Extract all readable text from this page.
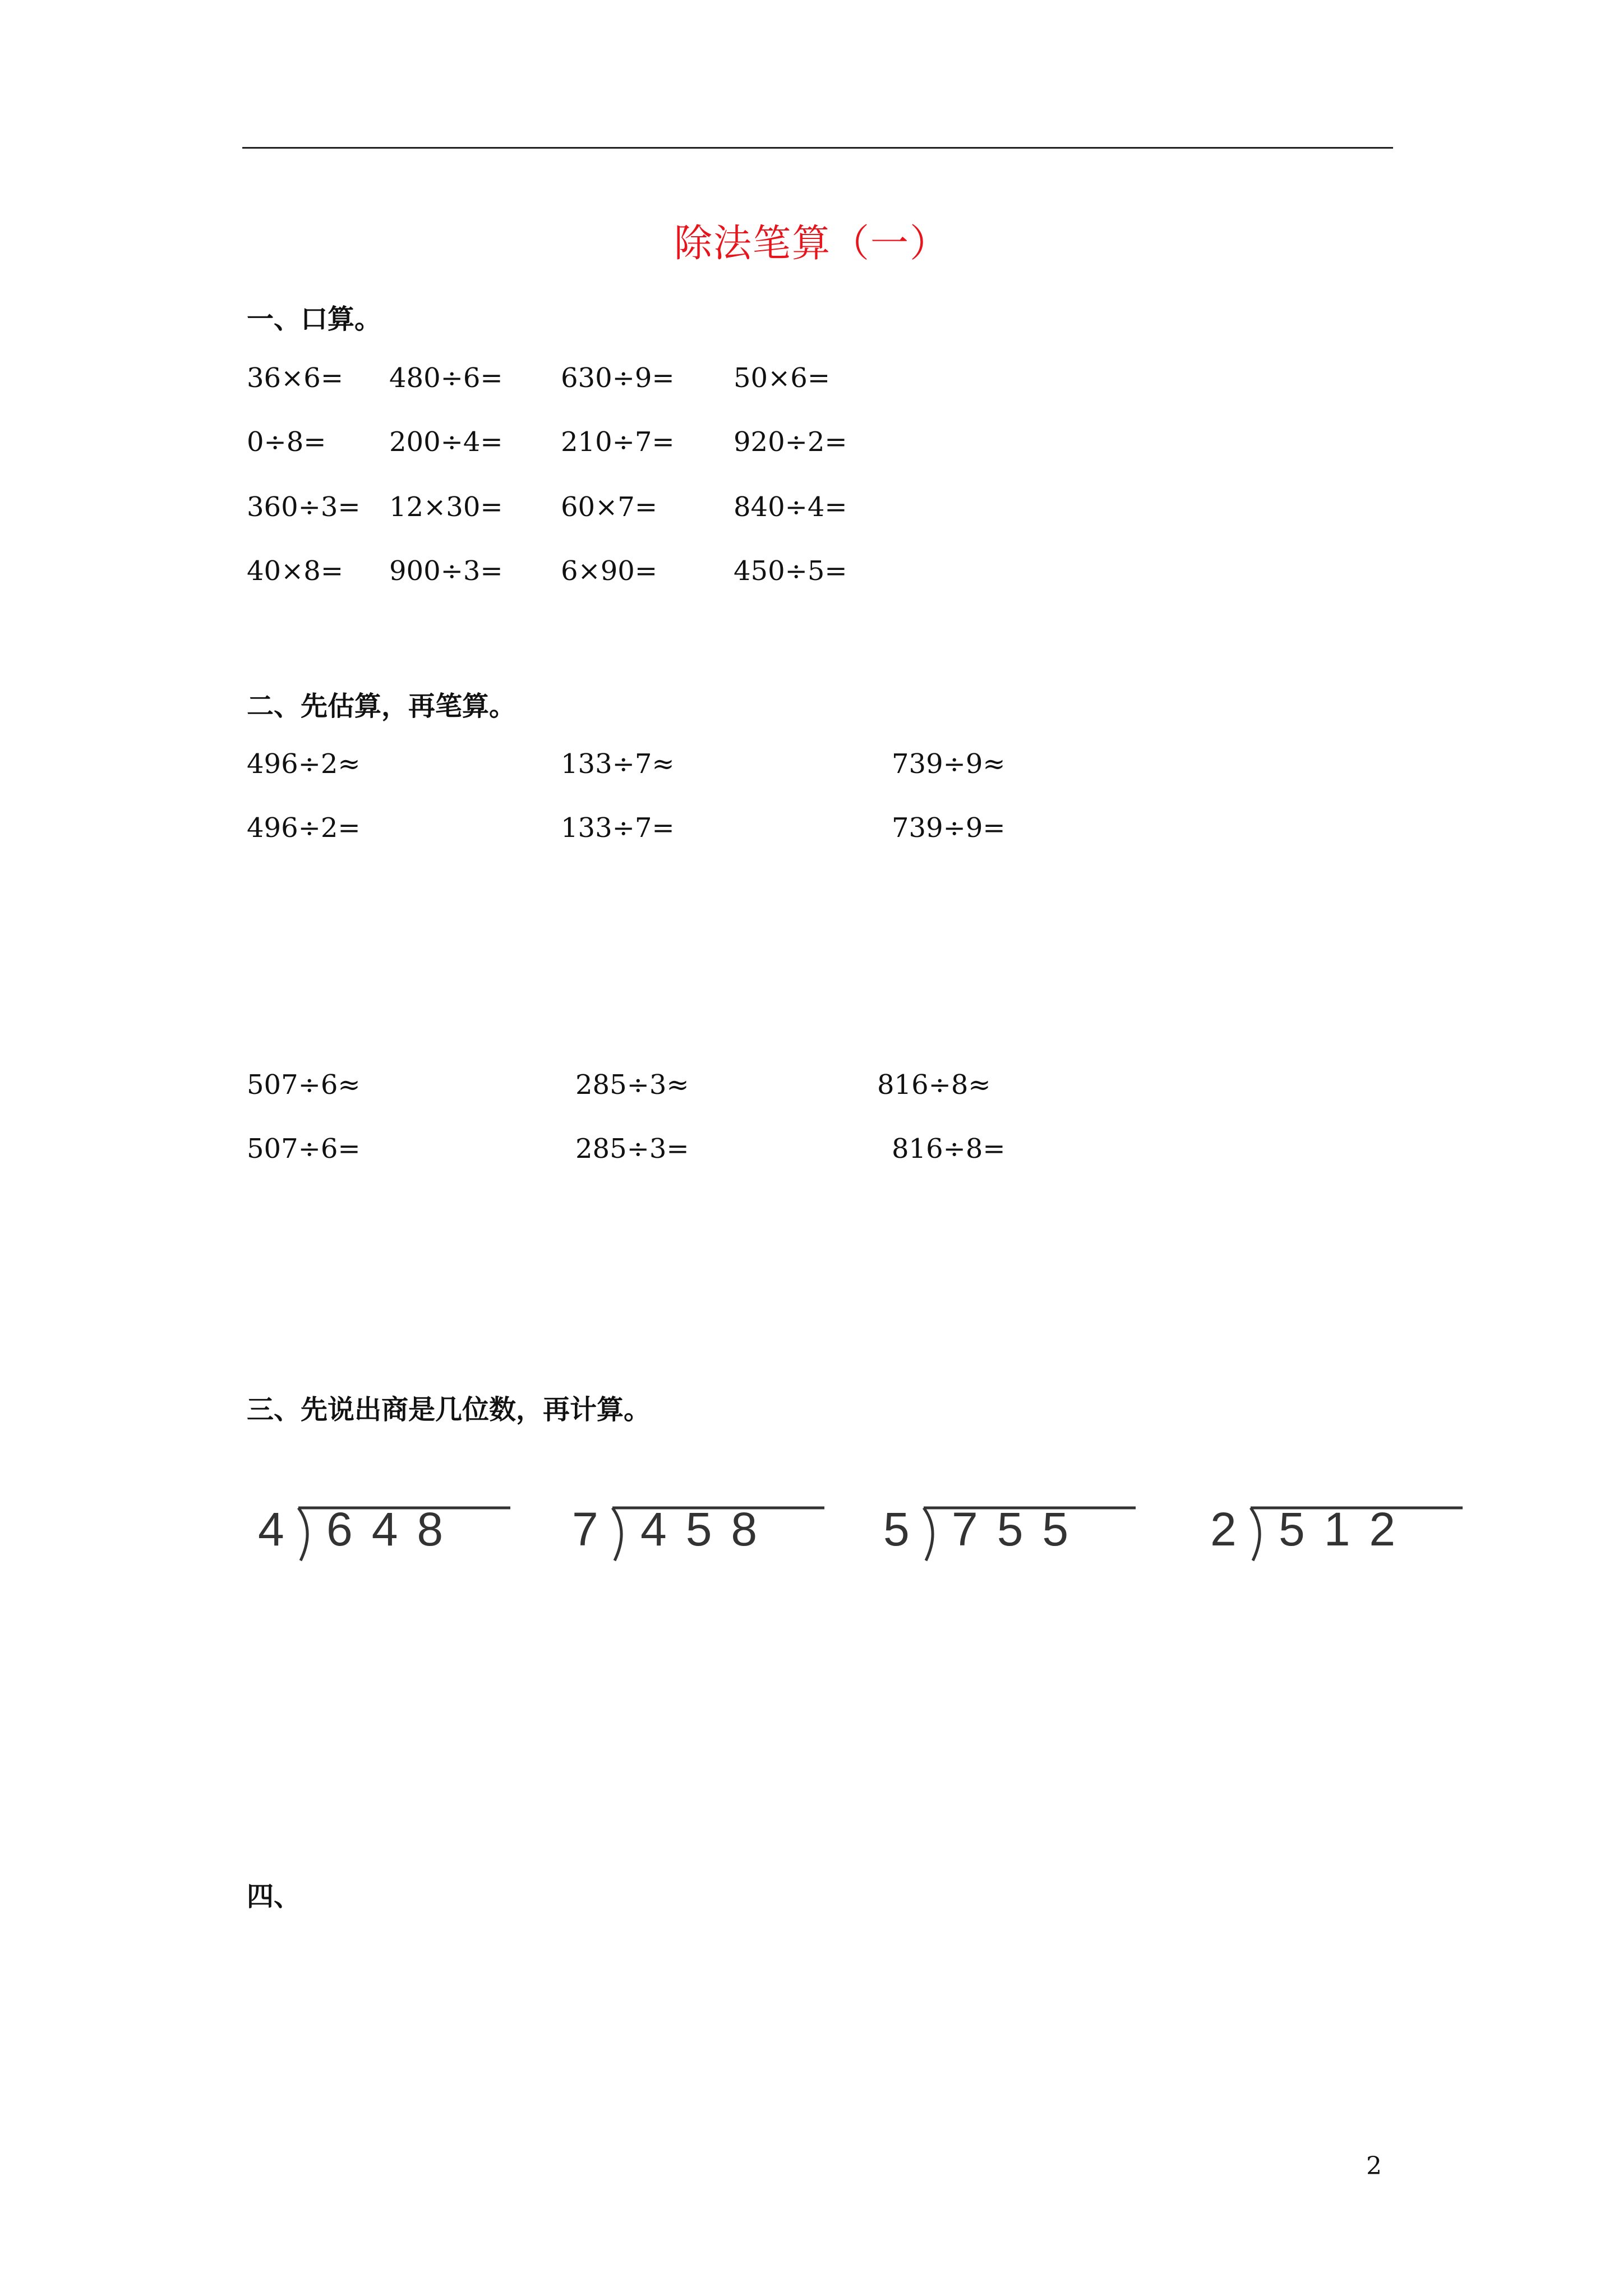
除法笔算（一）
一、口算。
36×6= 480÷6= 630÷9= 50×6=
0÷8= 200÷4= 210÷7= 920÷2=
360÷3= 12×30= 60×7=	840÷4=
40×8= 900÷3= 6×90=	450÷5=
二、先估算，再笔算。
496÷2≈	133÷7≈	739÷9≈
496÷2=	133÷7=	739÷9=
507÷6≈	285÷3≈	816÷8≈
507÷6=	285÷3=	816÷8=
三、先说出商是几位数，再计算。
4 648 7 458 5 755	2 512
四、
2
